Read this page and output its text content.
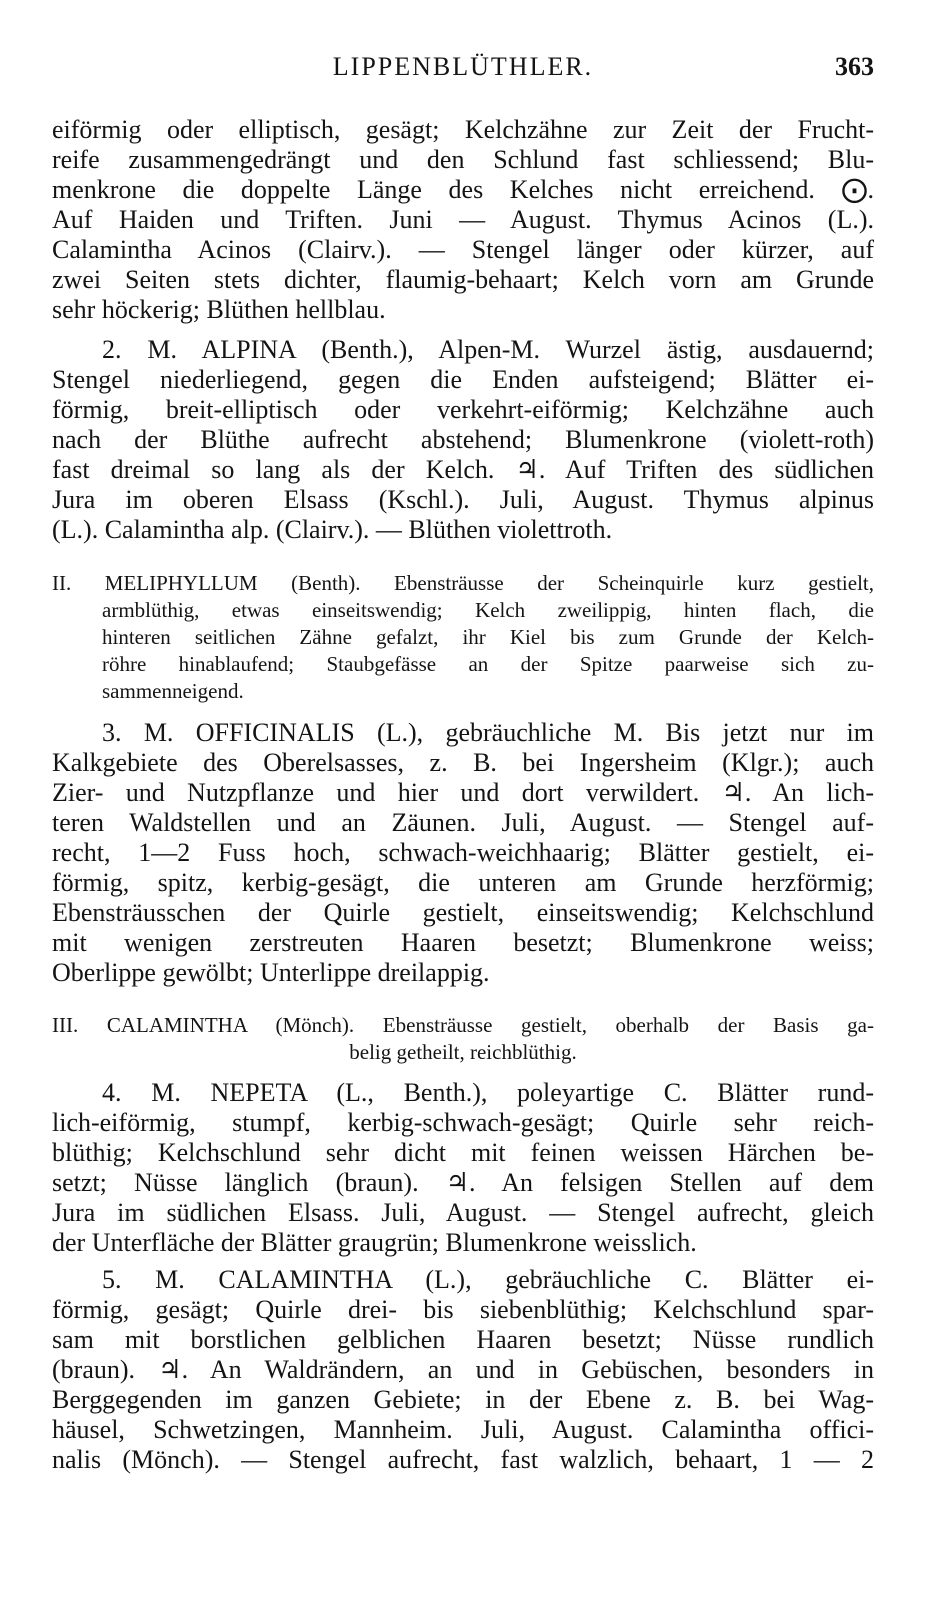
LIPPENBLÜTHLER.	363
eiförmig oder elliptisch, gesägt; Kelchzähne zur Zeit der Frucht-
reife zusammengedrängt und den Schlund fast schliessend; Blu-
menkrone die doppelte Länge des Kelches nicht erreichend. ⨀.
Auf Haiden und Triften. Juni — August. Thymus Acinos (L.).
Calamintha Acinos (Clairv.). — Stengel länger oder kürzer, auf
zwei Seiten stets dichter, flaumig-behaart; Kelch vorn am Grunde
sehr höckerig; Blüthen hellblau.
2. M. ALPINA (Benth.), Alpen-M. Wurzel ästig, ausdauernd;
Stengel niederliegend, gegen die Enden aufsteigend; Blätter ei-
förmig, breit-elliptisch oder verkehrt-eiförmig; Kelchzähne auch
nach der Blüthe aufrecht abstehend; Blumenkrone (violett-roth)
fast dreimal so lang als der Kelch. ♃. Auf Triften des südlichen
Jura im oberen Elsass (Kschl.). Juli, August. Thymus alpinus
(L.). Calamintha alp. (Clairv.). — Blüthen violettroth.
II. MELIPHYLLUM (Benth). Ebensträusse der Scheinquirle kurz gestielt,
armblüthig, etwas einseitswendig; Kelch zweilippig, hinten flach, die
hinteren seitlichen Zähne gefalzt, ihr Kiel bis zum Grunde der Kelch-
röhre hinablaufend; Staubgefässe an der Spitze paarweise sich zu-
sammenneigend.
3. M. OFFICINALIS (L.), gebräuchliche M. Bis jetzt nur im
Kalkgebiete des Oberelsasses, z. B. bei Ingersheim (Klgr.); auch
Zier- und Nutzpflanze und hier und dort verwildert. ♃. An lich-
teren Waldstellen und an Zäunen. Juli, August. — Stengel auf-
recht, 1—2 Fuss hoch, schwach-weichhaarig; Blätter gestielt, ei-
förmig, spitz, kerbig-gesägt, die unteren am Grunde herzförmig;
Ebensträusschen der Quirle gestielt, einseitswendig; Kelchschlund
mit wenigen zerstreuten Haaren besetzt; Blumenkrone weiss;
Oberlippe gewölbt; Unterlippe dreilappig.
III. CALAMINTHA (Mönch). Ebensträusse gestielt, oberhalb der Basis ga-
belig getheilt, reichblüthig.
4. M. NEPETA (L., Benth.), poleyartige C. Blätter rund-
lich-eiförmig, stumpf, kerbig-schwach-gesägt; Quirle sehr reich-
blüthig; Kelchschlund sehr dicht mit feinen weissen Härchen be-
setzt; Nüsse länglich (braun). ♃. An felsigen Stellen auf dem
Jura im südlichen Elsass. Juli, August. — Stengel aufrecht, gleich
der Unterfläche der Blätter graugrün; Blumenkrone weisslich.
5. M. CALAMINTHA (L.), gebräuchliche C. Blätter ei-
förmig, gesägt; Quirle drei- bis siebenblüthig; Kelchschlund spar-
sam mit borstlichen gelblichen Haaren besetzt; Nüsse rundlich
(braun). ♃. An Waldrändern, an und in Gebüschen, besonders in
Berggegenden im ganzen Gebiete; in der Ebene z. B. bei Wag-
häusel, Schwetzingen, Mannheim. Juli, August. Calamintha offici-
nalis (Mönch). — Stengel aufrecht, fast walzlich, behaart, 1 — 2
